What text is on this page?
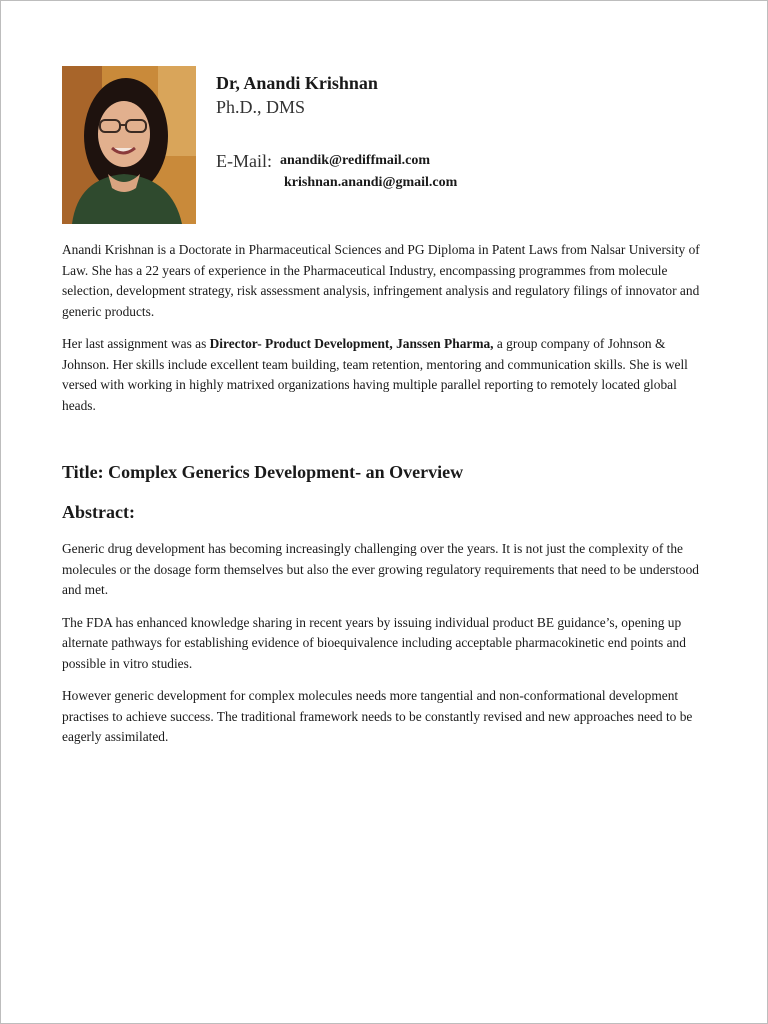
Dr, Anandi Krishnan
Ph.D., DMS
E-Mail: anandik@rediffmail.com
krishnan.anandi@gmail.com

Anandi Krishnan is a Doctorate in Pharmaceutical Sciences and PG Diploma in Patent Laws from Nalsar University of Law. She has a 22 years of experience in the Pharmaceutical Industry, encompassing programmes from molecule selection, development strategy, risk assessment analysis, infringement analysis and regulatory filings of innovator and generic products.

Her last assignment was as Director- Product Development, Janssen Pharma, a group company of Johnson & Johnson. Her skills include excellent team building, team retention, mentoring and communication skills. She is well versed with working in highly matrixed organizations having multiple parallel reporting to remotely located global heads.

Title: Complex Generics Development- an Overview
Abstract:

Generic drug development has becoming increasingly challenging over the years. It is not just the complexity of the molecules or the dosage form themselves but also the ever growing regulatory requirements that need to be understood and met.

The FDA has enhanced knowledge sharing in recent years by issuing individual product BE guidance’s, opening up alternate pathways for establishing evidence of bioequivalence including acceptable pharmacokinetic end points and possible in vitro studies.

However generic development for complex molecules needs more tangential and non-conformational development practises to achieve success. The traditional framework needs to be constantly revised and new approaches need to be eagerly assimilated.
